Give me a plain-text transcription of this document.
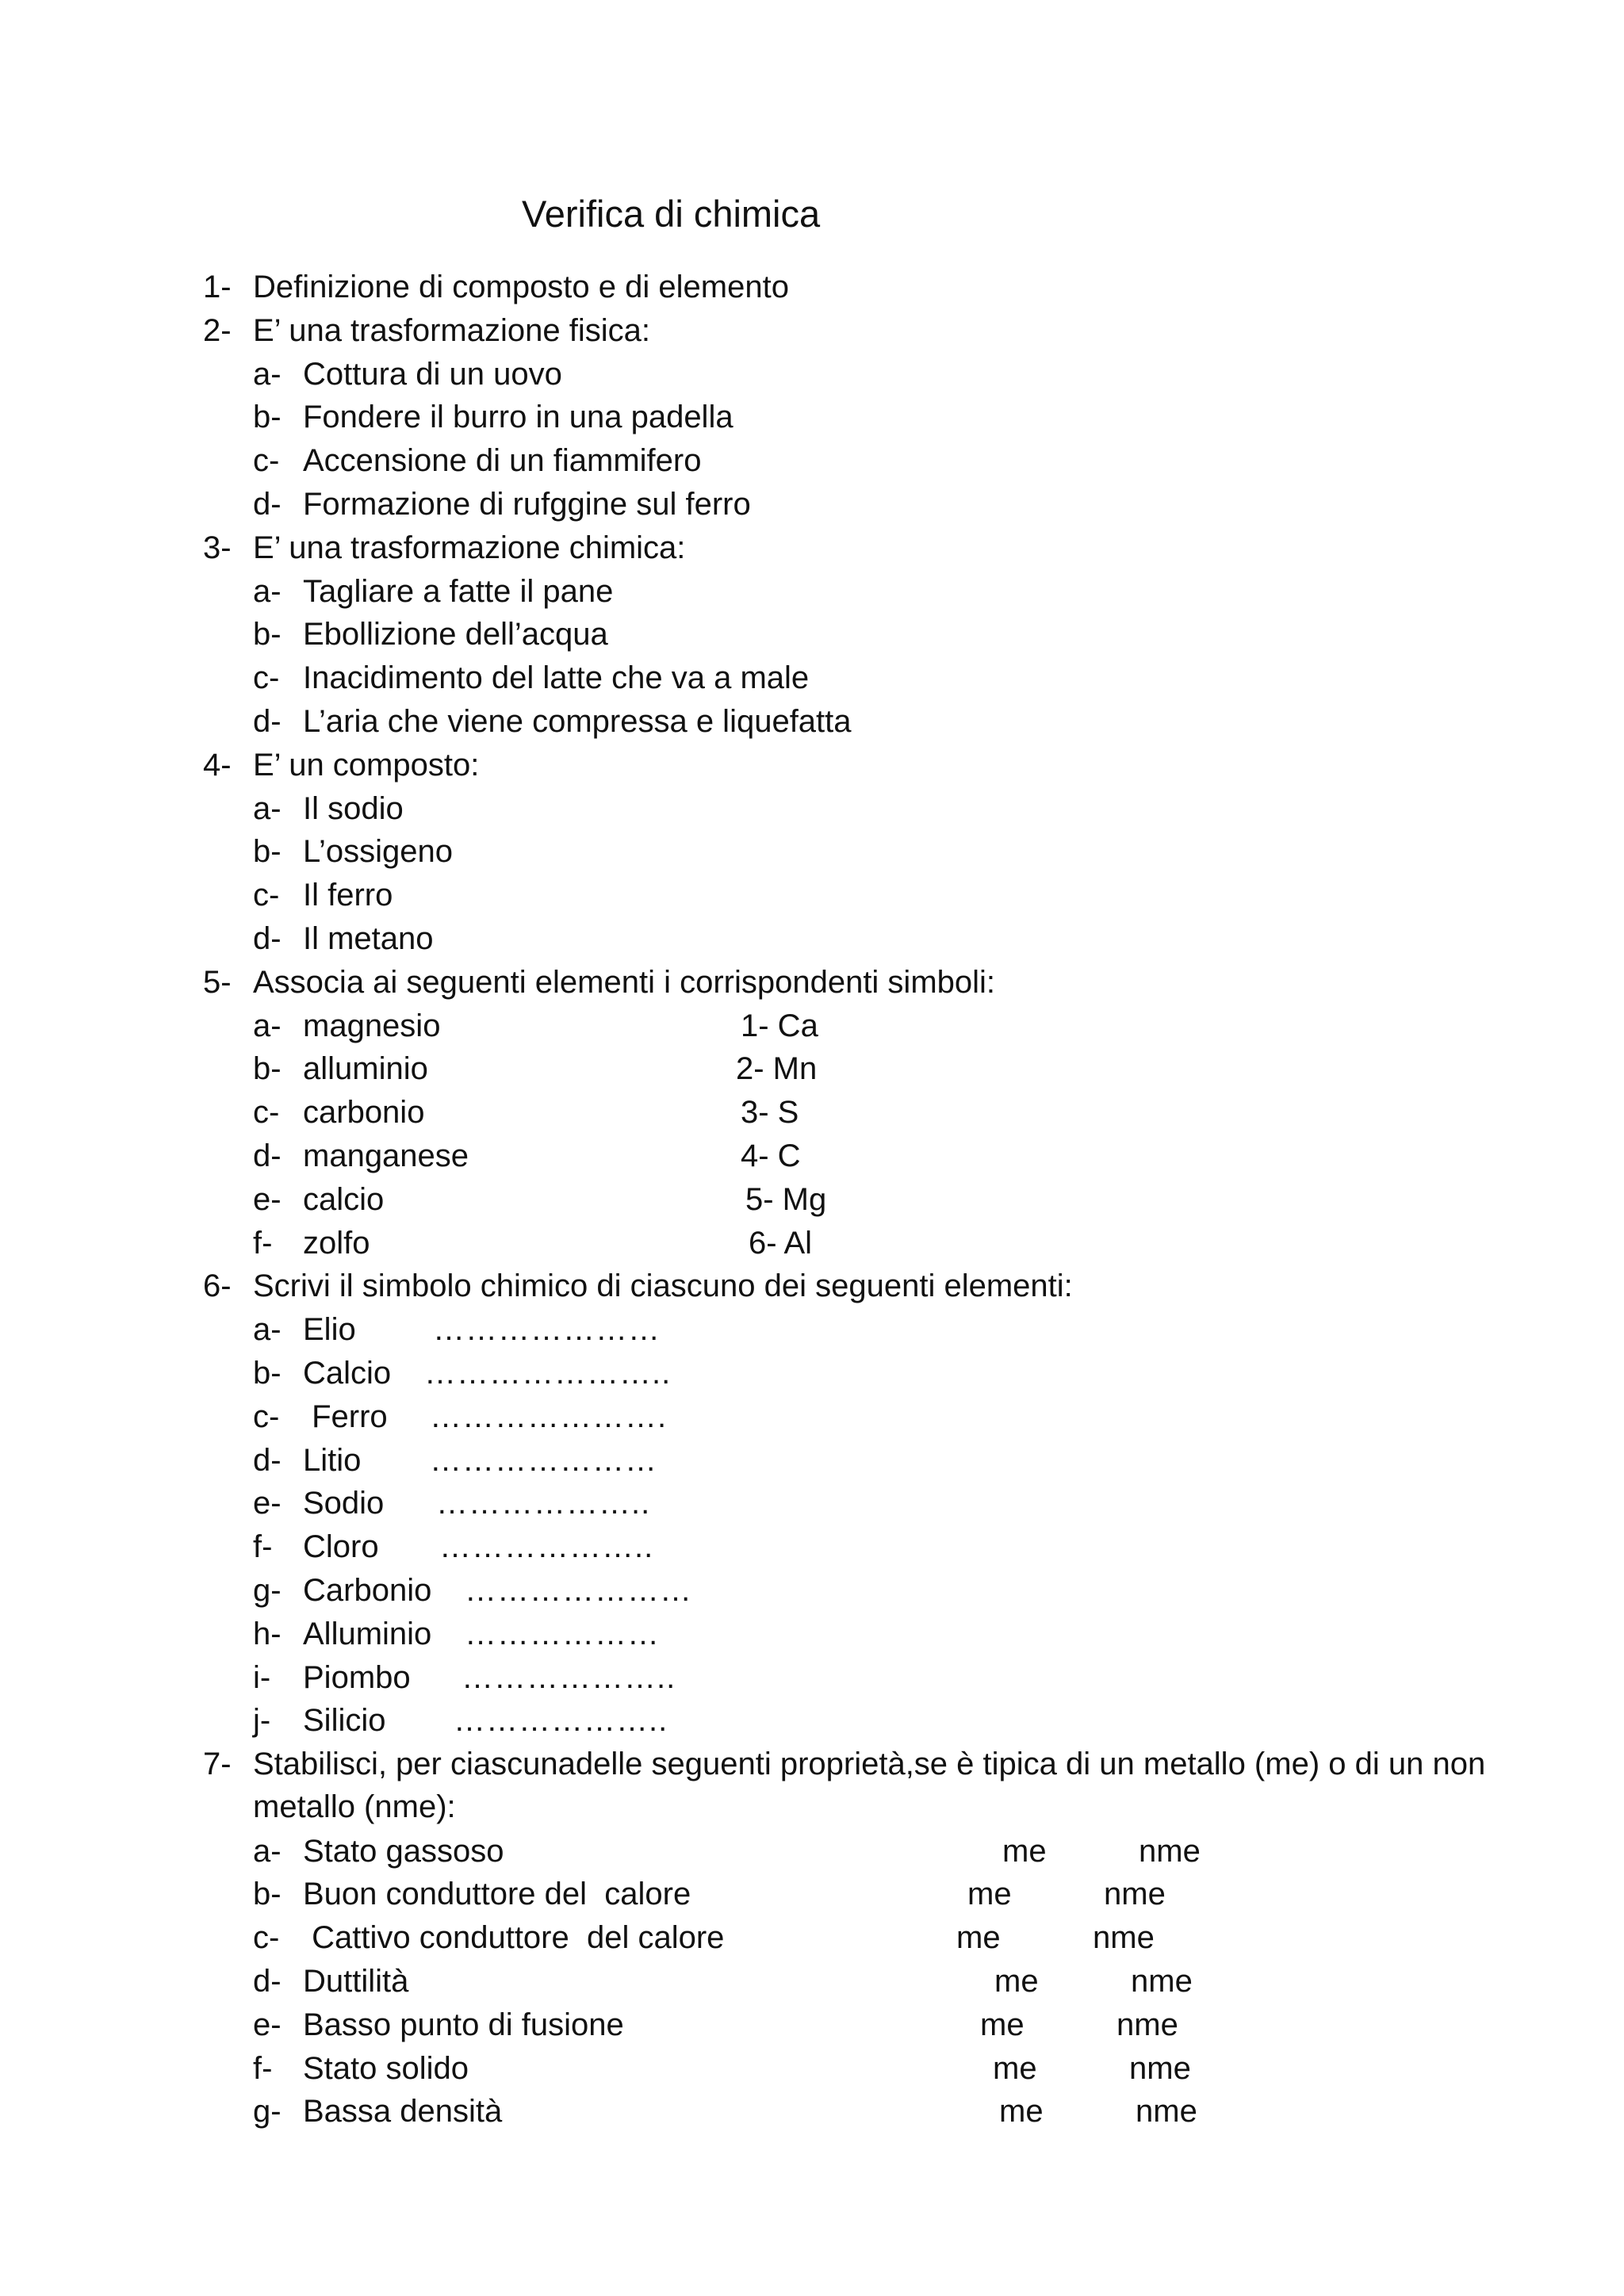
Verifica di chimica
1- Definizione di composto e di elemento
2- E’ una trasformazione fisica:
a- Cottura di un uovo
b- Fondere il burro in una padella
c- Accensione di un fiammifero
d- Formazione di rufggine sul ferro
3- E’ una trasformazione chimica:
a- Tagliare a fatte il pane
b- Ebollizione dell’acqua
c- Inacidimento del latte che va a male
d- L’aria che viene compressa e liquefatta
4- E’ un composto:
a- Il sodio
b- L’ossigeno
c- Il ferro
d- Il metano
5- Associa ai seguenti elementi i corrispondenti simboli:
a- magnesio	1- Ca
b- alluminio	2- Mn
c- carbonio	3- S
d- manganese	4- C
e- calcio	5- Mg
f- zolfo	6- Al
6- Scrivi il simbolo chimico di ciascuno dei seguenti elementi:
a- Elio …………………
b- Calcio …………………..
c- Ferro ………………….
d- Litio …………………
e- Sodio ………………..
f- Cloro ………………..
g- Carbonio …………………
h- Alluminio ………………
i- Piombo ………………..
j- Silicio ………………..
7- Stabilisci, per ciascunadelle seguenti proprietà,se è tipica di un metallo (me) o di un non metallo (nme):
a- Stato gassoso	me	nme
b- Buon conduttore del  calore	me	nme
c- Cattivo conduttore  del calore	me	nme
d- Duttilità	me	nme
e- Basso punto di fusione	me	nme
f- Stato solido	me	nme
g- Bassa densità	me	nme
